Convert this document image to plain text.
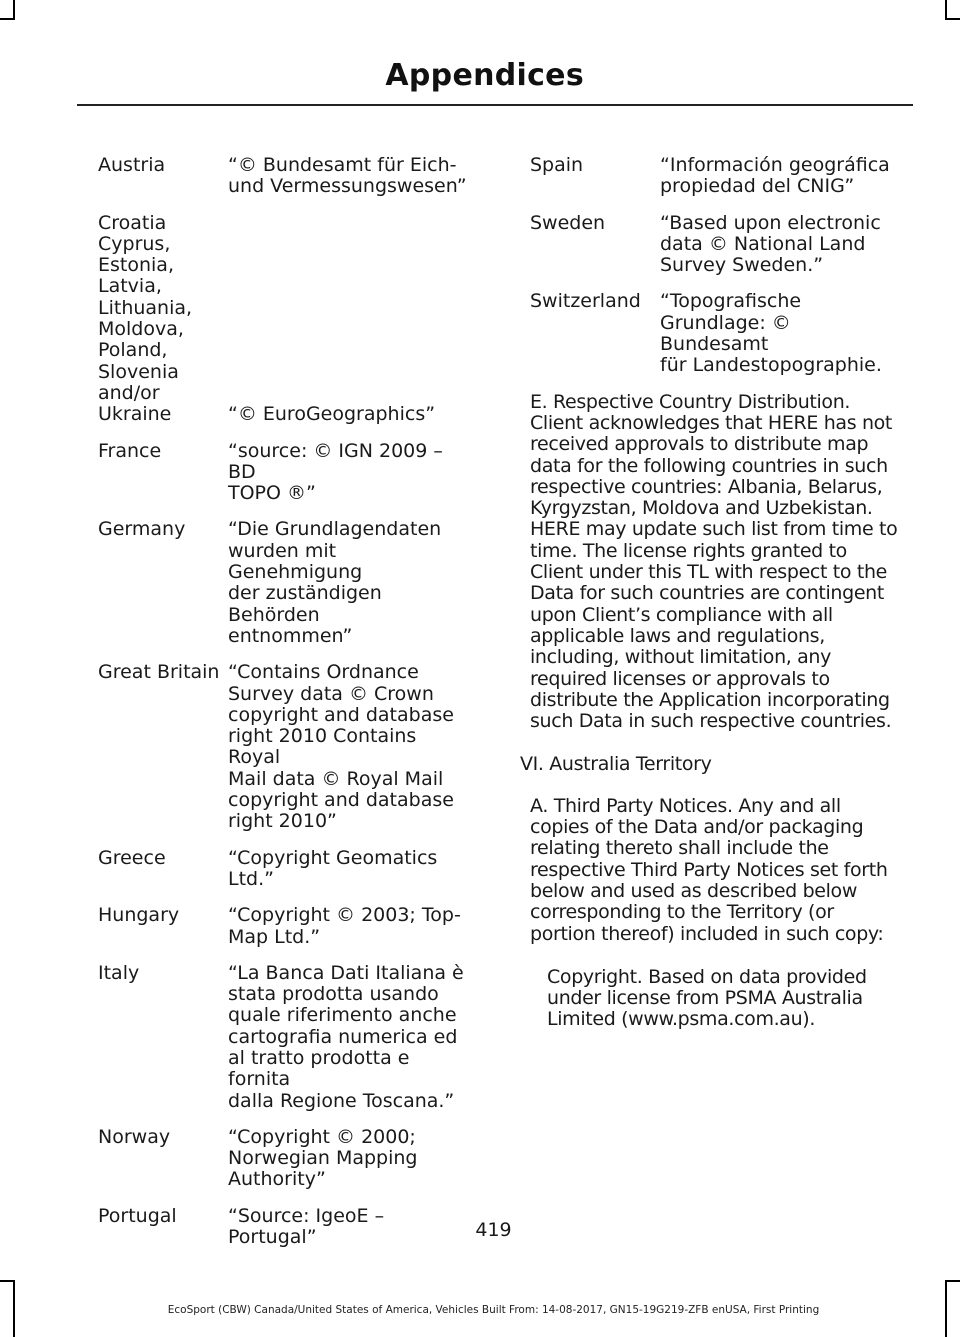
Appendices
Austria	“© Bundesamt für Eich-
und Vermessungswesen”
Croatia
Cyprus,
Estonia,
Latvia,
Lithuania,
Moldova,
Poland,
Slovenia
and/or
Ukraine	“© EuroGeographics”
France	“source: © IGN 2009 – BD
TOPO ®”
Germany	“Die Grundlagendaten
wurden mit Genehmigung
der zuständigen Behörden
entnommen”
Great Britain “Contains Ordnance
Survey data © Crown
copyright and database
right 2010 Contains Royal
Mail data © Royal Mail
copyright and database
right 2010”
Greece	“Copyright Geomatics
Ltd.”
Hungary	“Copyright © 2003; Top-
Map Ltd.”
Italy	“La Banca Dati Italiana è
stata prodotta usando
quale riferimento anche
cartografia numerica ed
al tratto prodotta e fornita
dalla Regione Toscana.”
Norway	“Copyright © 2000;
Norwegian Mapping
Authority”
Portugal	“Source: IgeoE – Portugal”
Spain	“Información geográfica
propiedad del CNIG”
Sweden	“Based upon electronic
data © National Land
Survey Sweden.”
Switzerland	“Topografische
Grundlage: © Bundesamt
für Landestopographie.

E. Respective Country Distribution. Client acknowledges that HERE has not received approvals to distribute map data for the following countries in such respective countries: Albania, Belarus, Kyrgyzstan, Moldova and Uzbekistan. HERE may update such list from time to time. The license rights granted to Client under this TL with respect to the Data for such countries are contingent upon Client’s compliance with all applicable laws and regulations, including, without limitation, any required licenses or approvals to distribute the Application incorporating such Data in such respective countries.

VI. Australia Territory

A. Third Party Notices. Any and all copies of the Data and/or packaging relating thereto shall include the respective Third Party Notices set forth below and used as described below corresponding to the Territory (or portion thereof) included in such copy:

Copyright. Based on data provided under license from PSMA Australia Limited (www.psma.com.au).

419
EcoSport (CBW) Canada/United States of America, Vehicles Built From: 14-08-2017, GN15-19G219-ZFB enUSA, First Printing
